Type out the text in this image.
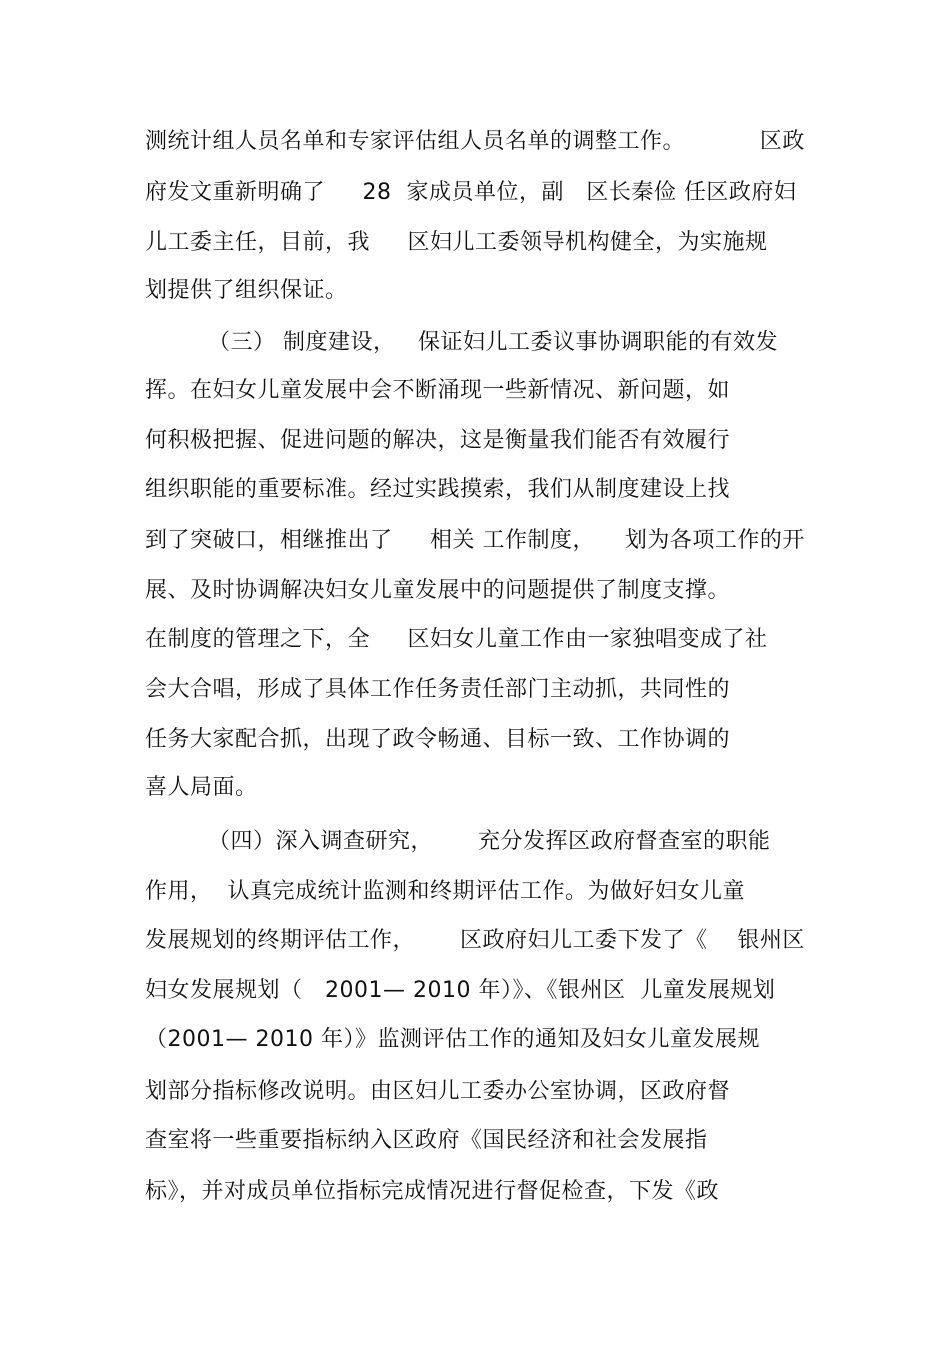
测统计组人员名单和专家评估组人员名单的调整工作。          区政
府发文重新明确了     28  家成员单位，副   区长秦俭 任区政府妇
儿工委主任，目前，我     区妇儿工委领导机构健全，为实施规
划提供了组织保证。
（三） 制度建设，   保证妇儿工委议事协调职能的有效发
挥。在妇女儿童发展中会不断涌现一些新情况、新问题，如
何积极把握、促进问题的解决，这是衡量我们能否有效履行
组织职能的重要标准。经过实践摸索，我们从制度建设上找
到了突破口，相继推出了     相关 工作制度，    划为各项工作的开
展、及时协调解决妇女儿童发展中的问题提供了制度支撑。
在制度的管理之下，全     区妇女儿童工作由一家独唱变成了社
会大合唱，形成了具体工作任务责任部门主动抓，共同性的
任务大家配合抓，出现了政令畅通、目标一致、工作协调的
喜人局面。
（四）深入调查研究，      充分发挥区政府督查室的职能
作用，  认真完成统计监测和终期评估工作。为做好妇女儿童
发展规划的终期评估工作，      区政府妇儿工委下发了《    银州区
妇女发展规划（   2001— 2010 年）》、《银州区  儿童发展规划
（2001— 2010 年）》监测评估工作的通知及妇女儿童发展规
划部分指标修改说明。由区妇儿工委办公室协调，区政府督
查室将一些重要指标纳入区政府《国民经济和社会发展指
标》，并对成员单位指标完成情况进行督促检查，下发《政
